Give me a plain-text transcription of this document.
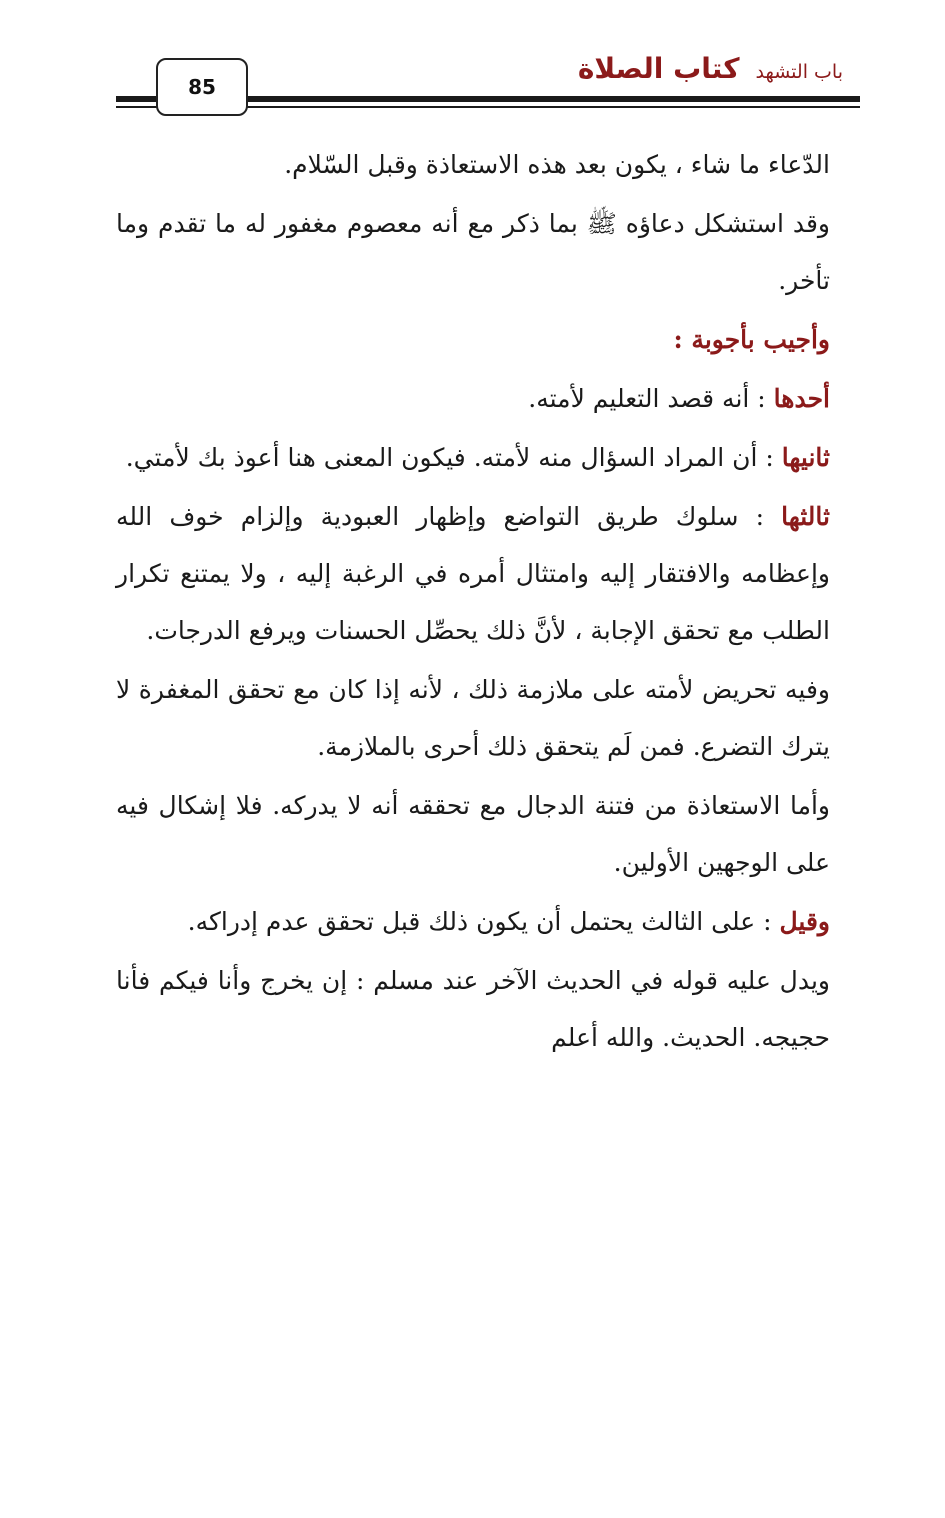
85
كتاب الصلاة باب التشهد

الدّعاء ما شاء ، يكون بعد هذه الاستعاذة وقبل السّلام.

وقد استشكل دعاؤه ﷺ بما ذكر مع أنه معصوم مغفور له ما تقدم وما تأخر.

وأجيب بأجوبة :

أحدها : أنه قصد التعليم لأمته.

ثانيها : أن المراد السؤال منه لأمته. فيكون المعنى هنا أعوذ بك لأمتي.

ثالثها : سلوك طريق التواضع وإظهار العبودية وإلزام خوف الله وإعظامه والافتقار إليه وامتثال أمره في الرغبة إليه ، ولا يمتنع تكرار الطلب مع تحقق الإجابة ، لأنَّ ذلك يحصِّل الحسنات ويرفع الدرجات.

وفيه تحريض لأمته على ملازمة ذلك ، لأنه إذا كان مع تحقق المغفرة لا يترك التضرع. فمن لَم يتحقق ذلك أحرى بالملازمة.

وأما الاستعاذة من فتنة الدجال مع تحققه أنه لا يدركه. فلا إشكال فيه على الوجهين الأولين.

وقيل : على الثالث يحتمل أن يكون ذلك قبل تحقق عدم إدراكه.

ويدل عليه قوله في الحديث الآخر عند مسلم : إن يخرج وأنا فيكم فأنا حجيجه. الحديث. والله أعلم
